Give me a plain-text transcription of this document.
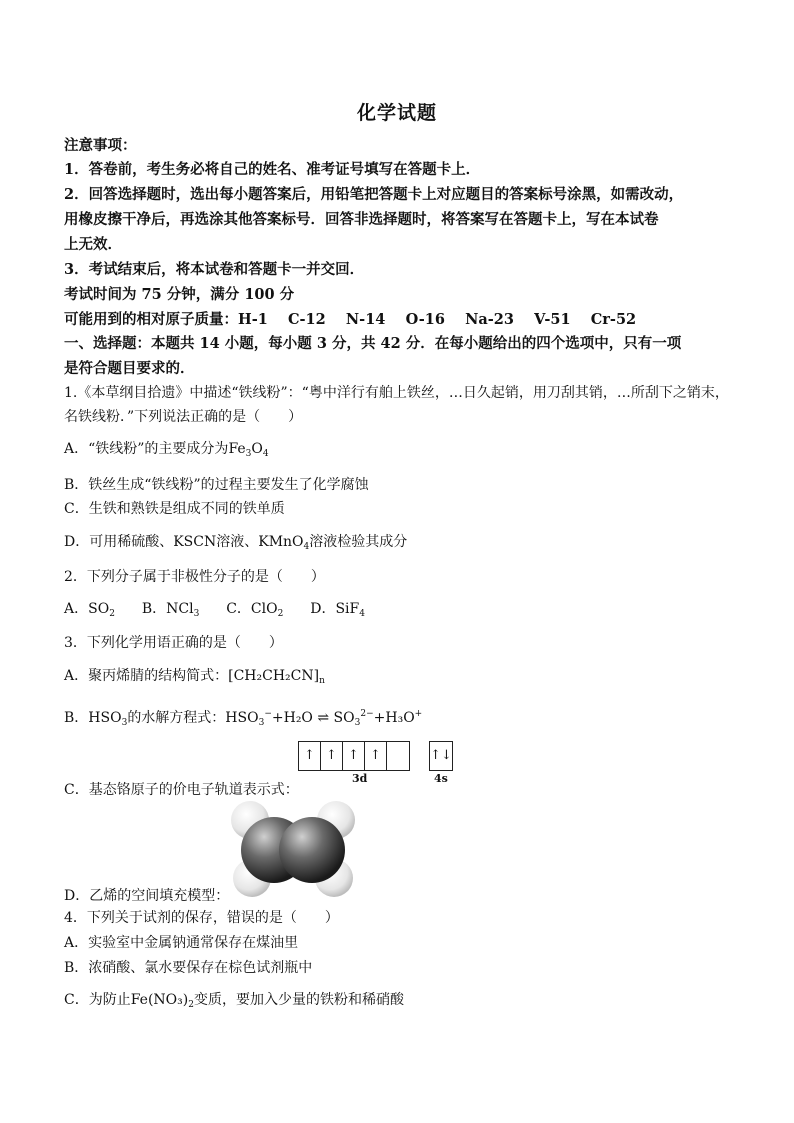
化学试题
注意事项：
1．答卷前，考生务必将自己的姓名、准考证号填写在答题卡上．
2．回答选择题时，选出每小题答案后，用铅笔把答题卡上对应题目的答案标号涂黑，如需改动，
用橡皮擦干净后，再选涂其他答案标号．回答非选择题时，将答案写在答题卡上，写在本试卷
上无效．
3．考试结束后，将本试卷和答题卡一并交回．
考试时间为 75 分钟，满分 100 分
可能用到的相对原子质量：H-1    C-12    N-14    O-16    Na-23    V-51    Cr-52
一、选择题：本题共 14 小题，每小题 3 分，共 42 分．在每小题给出的四个选项中，只有一项
是符合题目要求的．
1.《本草纲目拾遗》中描述“铁线粉”：“粤中洋行有舶上铁丝，…日久起销，用刀刮其销，…所刮下之销末，
名铁线粉．”下列说法正确的是（　　）
A．“铁线粉”的主要成分为$Fe_3O_4$
B．铁丝生成“铁线粉”的过程主要发生了化学腐蚀
C．生铁和熟铁是组成不同的铁单质
D．可用稀硫酸、KSCN溶液、KMnO$_4$溶液检验其成分
2．下列分子属于非极性分子的是（　　）
A．$SO_2$ B．NCl$_3$ C．ClO$_2$ D．SiF$_4$
3．下列化学用语正确的是（　　）
A．聚丙烯腈的结构简式：$[CH_2CH_2CN]_n$
B．$HSO_3$的水解方程式：$HSO_3^-+H_2O$ ⇌ $SO_3^{2-}+H_3O^+$
↑ ↑ ↑ ↑	↑↓
3d	4s
C．基态铬原子的价电子轨道表示式：
D．乙烯的空间填充模型：
4．下列关于试剂的保存，错误的是（　　）
A．实验室中金属钠通常保存在煤油里
B．浓硝酸、氯水要保存在棕色试剂瓶中
C．为防止$Fe(NO_3)_2$变质，要加入少量的铁粉和稀硝酸
